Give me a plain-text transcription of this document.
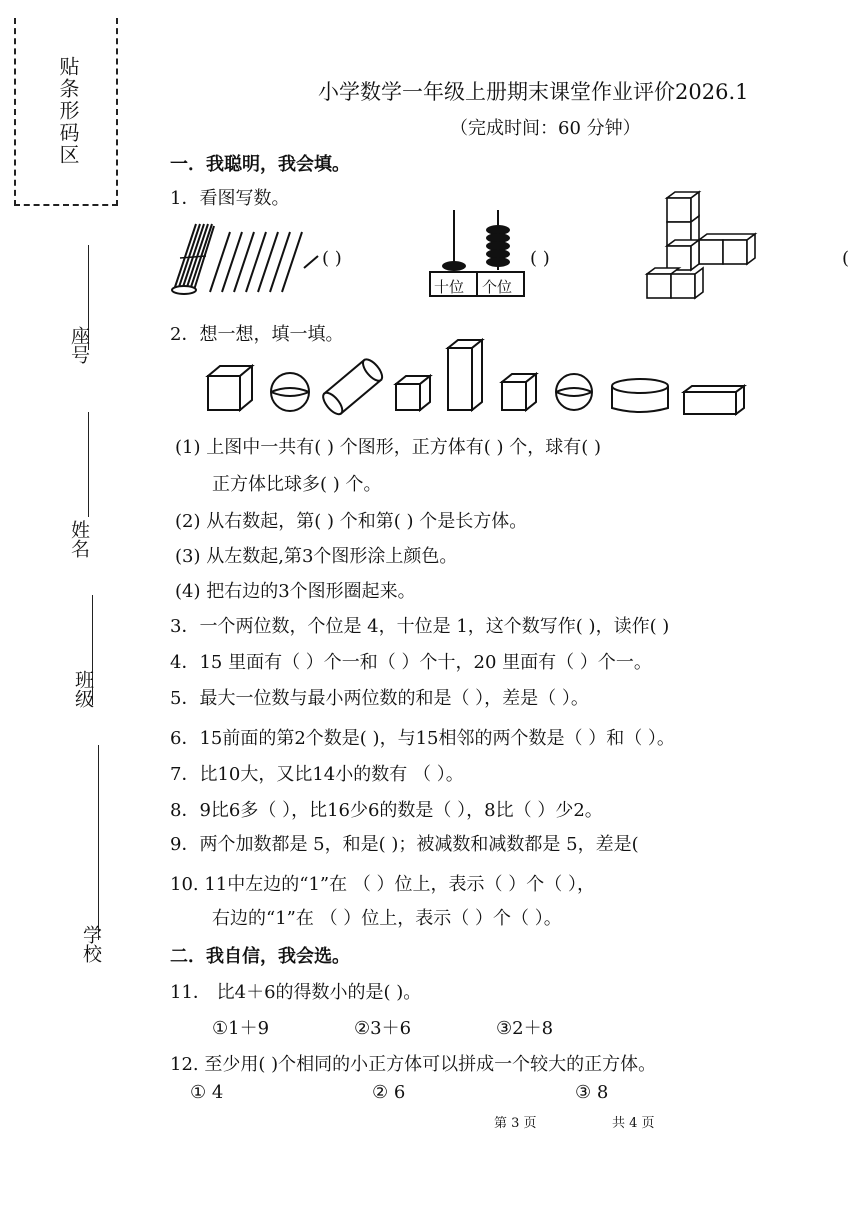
贴条形码区
座号
姓名
班级
学校
小学数学一年级上册期末课堂作业评价2026.1
（完成时间：60 分钟）
一．我聪明，我会填。
1．看图写数。
( )
十位 个位
( )	(
2．想一想，填一填。
(1) 上图中一共有( ) 个图形，正方体有( ) 个，球有( )
正方体比球多( ) 个。
(2) 从右数起，第( ) 个和第( ) 个是长方体。
(3) 从左数起,第3个图形涂上颜色。
(4) 把右边的3个图形圈起来。
3．一个两位数，个位是 4，十位是 1，这个数写作( )，读作( )
4．15 里面有（ ）个一和（ ）个十，20 里面有（ ）个一。
5．最大一位数与最小两位数的和是（ ），差是（ ）。
6．15前面的第2个数是( )，与15相邻的两个数是（ ）和（ ）。
7．比10大，又比14小的数有 （ ）。
8．9比6多（ ），比16少6的数是（ ），8比（ ）少2。
9．两个加数都是 5，和是( )；被减数和减数都是 5，差是(
10. 11中左边的“1”在 （ ）位上，表示（ ）个（ ），
右边的“1”在 （ ）位上，表示（ ）个（ ）。
二．我自信，我会选。
11． 比4＋6的得数小的是( )。
①1＋9	②3＋6	③2＋8
12. 至少用( )个相同的小正方体可以拼成一个较大的正方体。
① 4	② 6	③ 8
第 3 页	共 4 页
